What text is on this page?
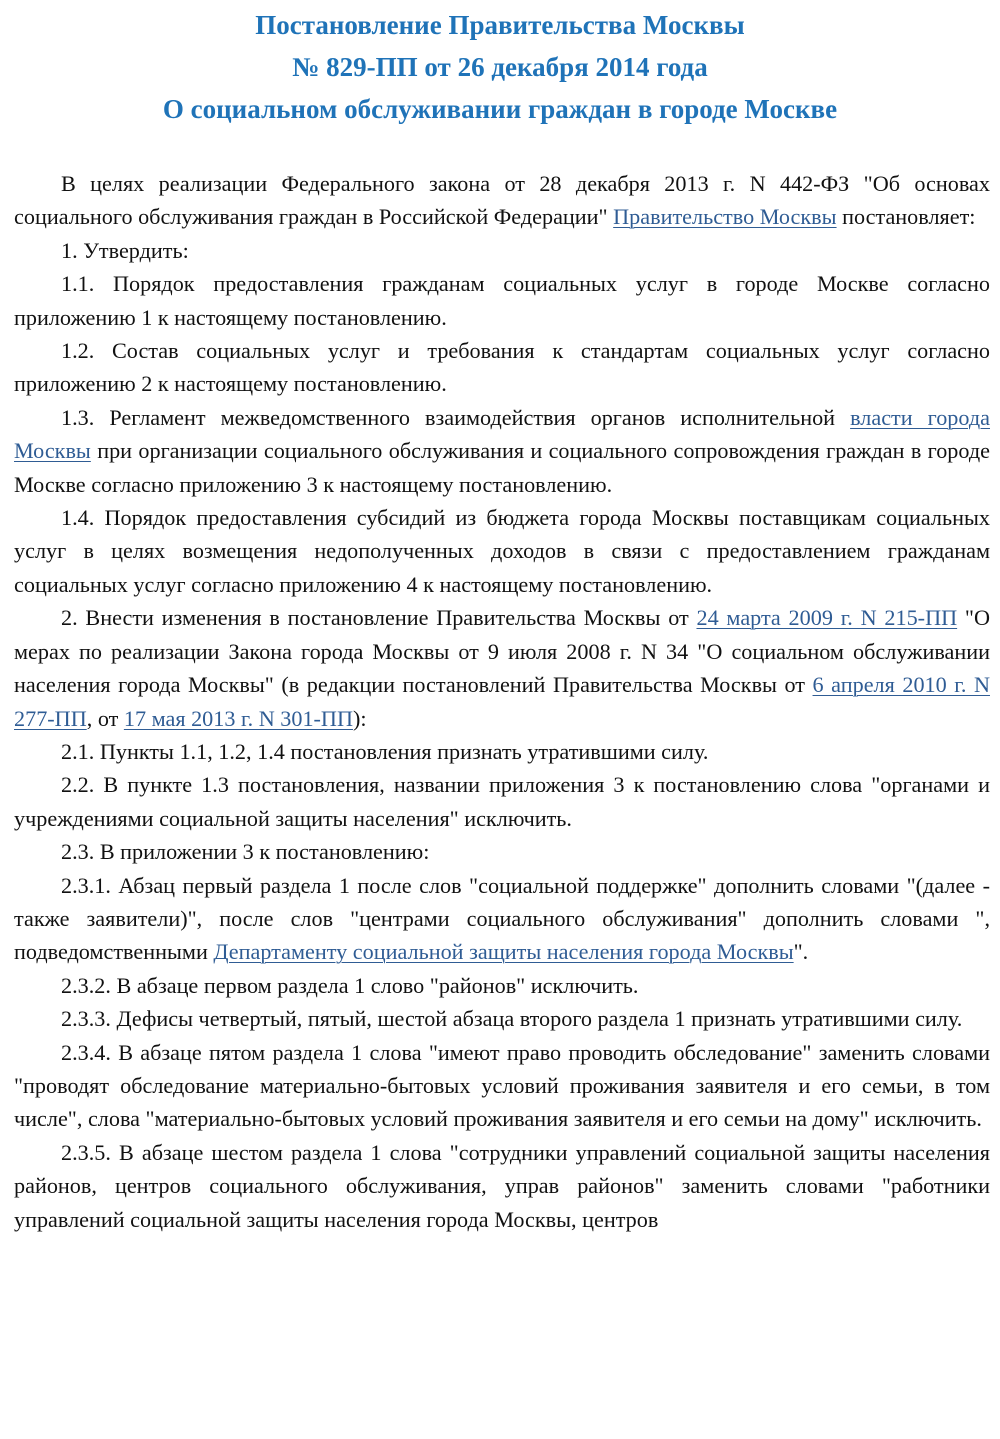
Постановление Правительства Москвы
№ 829-ПП от 26 декабря 2014 года
О социальном обслуживании граждан в городе Москве

В целях реализации Федерального закона от 28 декабря 2013 г. N 442-ФЗ "Об основах социального обслуживания граждан в Российской Федерации" Правительство Москвы постановляет:

1. Утвердить:

1.1. Порядок предоставления гражданам социальных услуг в городе Москве согласно приложению 1 к настоящему постановлению.

1.2. Состав социальных услуг и требования к стандартам социальных услуг согласно приложению 2 к настоящему постановлению.

1.3. Регламент межведомственного взаимодействия органов исполнительной власти города Москвы при организации социального обслуживания и социального сопровождения граждан в городе Москве согласно приложению 3 к настоящему постановлению.

1.4. Порядок предоставления субсидий из бюджета города Москвы поставщикам социальных услуг в целях возмещения недополученных доходов в связи с предоставлением гражданам социальных услуг согласно приложению 4 к настоящему постановлению.

2. Внести изменения в постановление Правительства Москвы от 24 марта 2009 г. N 215-ПП "О мерах по реализации Закона города Москвы от 9 июля 2008 г. N 34 "О социальном обслуживании населения города Москвы" (в редакции постановлений Правительства Москвы от 6 апреля 2010 г. N 277-ПП, от 17 мая 2013 г. N 301-ПП):

2.1. Пункты 1.1, 1.2, 1.4 постановления признать утратившими силу.

2.2. В пункте 1.3 постановления, названии приложения 3 к постановлению слова "органами и учреждениями социальной защиты населения" исключить.

2.3. В приложении 3 к постановлению:

2.3.1. Абзац первый раздела 1 после слов "социальной поддержке" дополнить словами "(далее - также заявители)", после слов "центрами социального обслуживания" дополнить словами ", подведомственными Департаменту социальной защиты населения города Москвы".

2.3.2. В абзаце первом раздела 1 слово "районов" исключить.

2.3.3. Дефисы четвертый, пятый, шестой абзаца второго раздела 1 признать утратившими силу.

2.3.4. В абзаце пятом раздела 1 слова "имеют право проводить обследование" заменить словами "проводят обследование материально-бытовых условий проживания заявителя и его семьи, в том числе", слова "материально-бытовых условий проживания заявителя и его семьи на дому" исключить.

2.3.5. В абзаце шестом раздела 1 слова "сотрудники управлений социальной защиты населения районов, центров социального обслуживания, управ районов" заменить словами "работники управлений социальной защиты населения города Москвы, центров
